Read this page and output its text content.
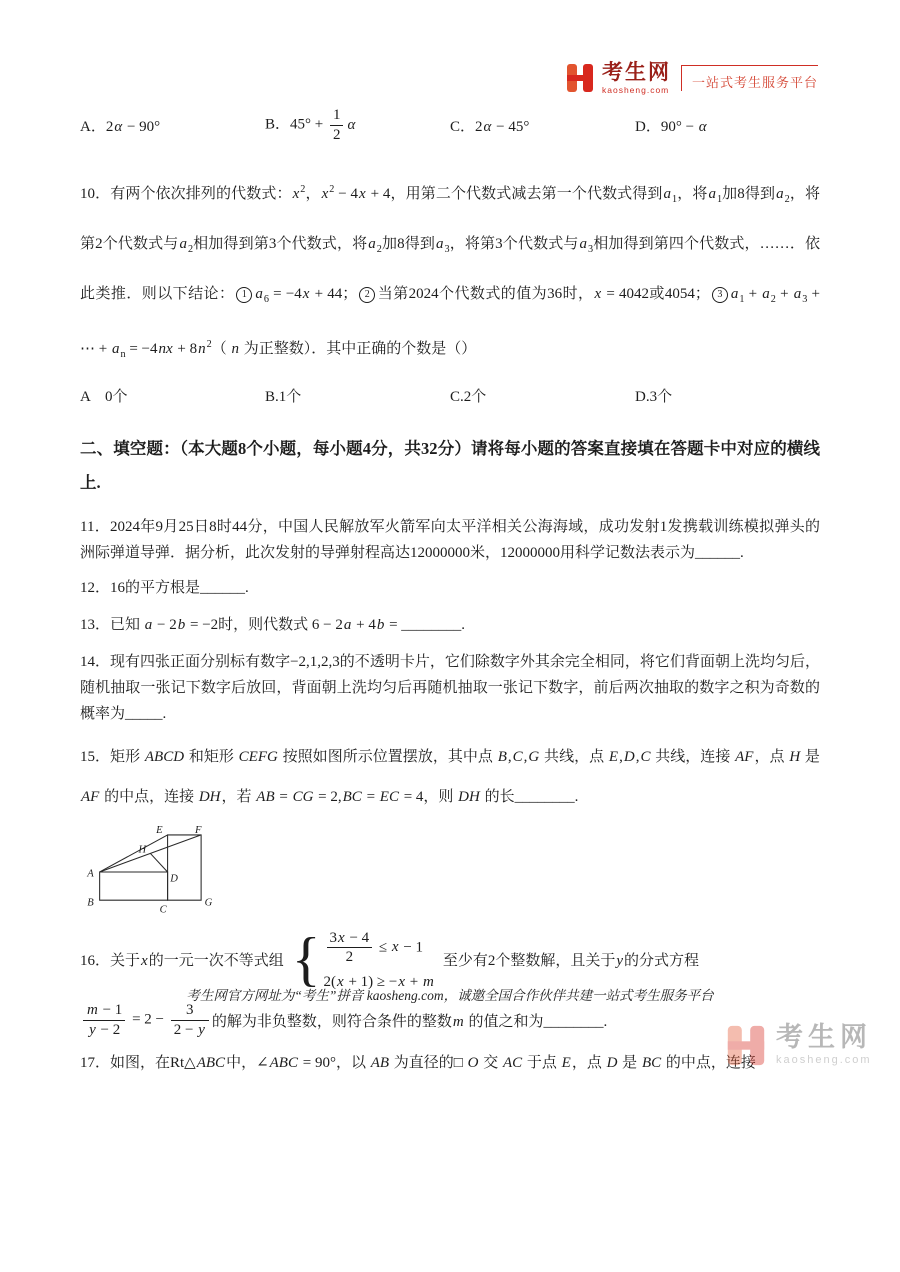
考生网
kaosheng.com	一站式考生服务平台
A．2α − 90°	B．$45^\circ + \frac{1}{2}$ α	C．2α − 45°	D．90° − α

10．有两个依次排列的代数式：$x^2$，$x^2 - 4x + 4$，用第二个代数式减去第一个代数式得到$a_1$，将$a_1$加8得到$a_2$，将第2个代数式与$a_2$相加得到第3个代数式，将$a_2$加8得到$a_3$，将第3个代数式与$a_3$相加得到第四个代数式，……．依此类推．则以下结论： 1 $a_6 = -4x + 44$； 2 当第2024个代数式的值为36时，x = 4042或4054； 3 $a_1 + a_2 + a_3$ + ⋯ + $a_n = -4nx + 8n^2$（ n 为正整数）．其中正确的个数是（）

A　0个	B.1个	C.2个	D.3个

二、填空题：（本大题8个小题，每小题4分，共32分）请将每小题的答案直接填在答题卡中对应的横线上.

11．2024年9月25日8时44分，中国人民解放军火箭军向太平洋相关公海海域，成功发射1发携载训练模拟弹头的洲际弹道导弹．据分析，此次发射的导弹射程高达12000000米，12000000用科学记数法表示为______.

12．16的平方根是______.

13．已知 a − 2b = −2时，则代数式 6 − 2a + 4b = ________.

14．现有四张正面分别标有数字−2,1,2,3的不透明卡片，它们除数字外其余完全相同，将它们背面朝上洗均匀后，随机抽取一张记下数字后放回，背面朝上洗均匀后再随机抽取一张记下数字，前后两次抽取的数字之积为奇数的概率为_____.

15．矩形 ABCD 和矩形 CEFG 按照如图所示位置摆放，其中点 B,C,G 共线，点 E,D,C 共线，连接 AF，点 H 是 AF 的中点，连接 DH，若 AB = CG = 2,BC = EC = 4，则 DH 的长________.

A
B
C
D
E	F
G
H
16．关于x的一元一次不等式组 { $\frac{3x - 4}{2} \le x - 1$
2(x + 1) ≥ −x + m
至少有2个整数解，且关于y的分式方程
$\frac{m - 1}{y - 2} = 2 - \frac{3}{2 - y}$ 的解为非负整数，则符合条件的整数m 的值之和为________.

17．如图，在Rt△ABC中，∠ABC = 90°，以 AB 为直径的□ O 交 AC 于点 E，点 D 是 BC 的中点，连接

考生网官方网址为“考生”拼音 kaosheng.com，诚邀全国合作伙伴共建一站式考生服务平台
考生网
kaosheng.com
